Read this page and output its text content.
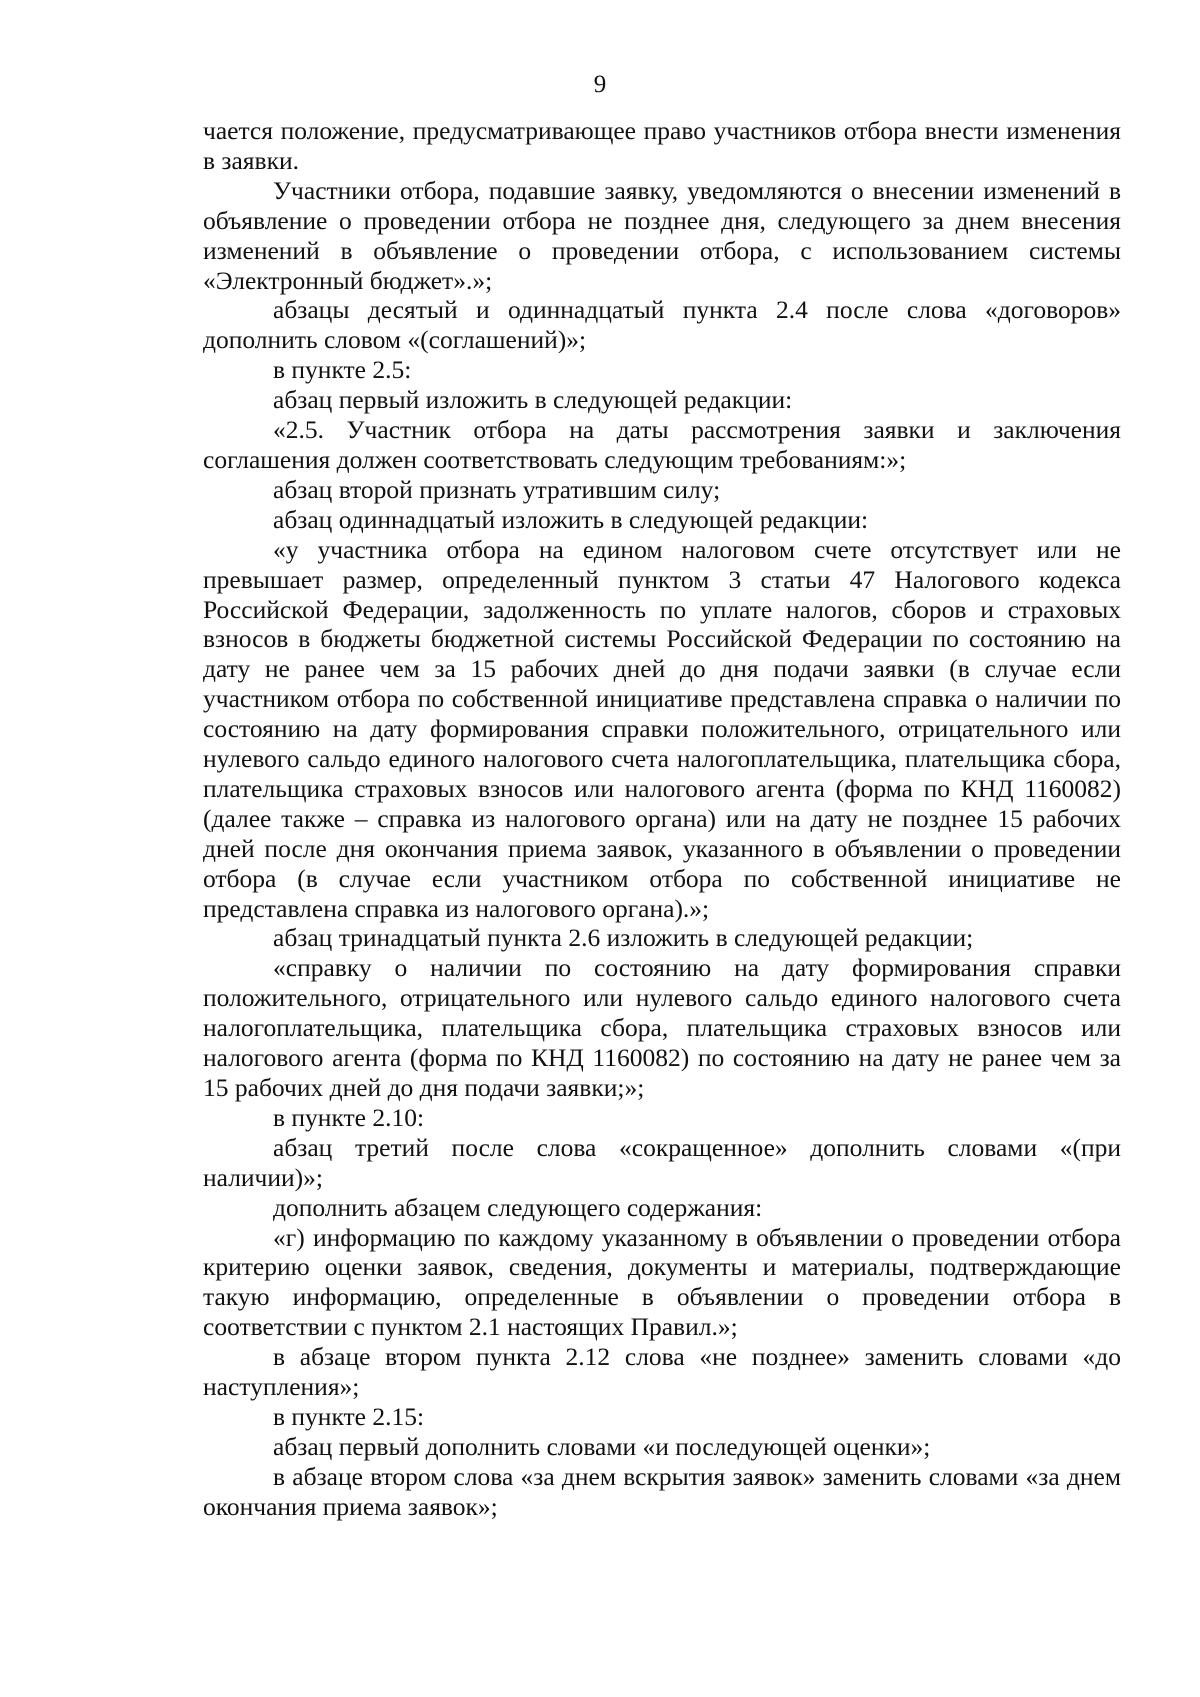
9

чается положение, предусматривающее право участников отбора внести изменения в заявки.

Участники отбора, подавшие заявку, уведомляются о внесении изменений в объявление о проведении отбора не позднее дня, следующего за днем внесения изменений в объявление о проведении отбора, с использованием системы «Электронный бюджет».»;

абзацы десятый и одиннадцатый пункта 2.4 после слова «договоров» дополнить словом «(соглашений)»;

в пункте 2.5:

абзац первый изложить в следующей редакции:

«2.5. Участник отбора на даты рассмотрения заявки и заключения соглашения должен соответствовать следующим требованиям:»;

абзац второй признать утратившим силу;

абзац одиннадцатый изложить в следующей редакции:

«у участника отбора на едином налоговом счете отсутствует или не превышает размер, определенный пунктом 3 статьи 47 Налогового кодекса Российской Федерации, задолженность по уплате налогов, сборов и страховых взносов в бюджеты бюджетной системы Российской Федерации по состоянию на дату не ранее чем за 15 рабочих дней до дня подачи заявки (в случае если участником отбора по собственной инициативе представлена справка о наличии по состоянию на дату формирования справки положительного, отрицательного или нулевого сальдо единого налогового счета налогоплательщика, плательщика сбора, плательщика страховых взносов или налогового агента (форма по КНД 1160082) (далее также – справка из налогового органа) или на дату не позднее 15 рабочих дней после дня окончания приема заявок, указанного в объявлении о проведении отбора (в случае если участником отбора по собственной инициативе не представлена справка из налогового органа).»;

абзац тринадцатый пункта 2.6 изложить в следующей редакции;

«справку о наличии по состоянию на дату формирования справки положительного, отрицательного или нулевого сальдо единого налогового счета налогоплательщика, плательщика сбора, плательщика страховых взносов или налогового агента (форма по КНД 1160082) по состоянию на дату не ранее чем за 15 рабочих дней до дня подачи заявки;»;

в пункте 2.10:

абзац третий после слова «сокращенное» дополнить словами «(при наличии)»;

дополнить абзацем следующего содержания:

«г) информацию по каждому указанному в объявлении о проведении отбора критерию оценки заявок, сведения, документы и материалы, подтверждающие такую информацию, определенные в объявлении о проведении отбора в соответствии с пунктом 2.1 настоящих Правил.»;

в абзаце втором пункта 2.12 слова «не позднее» заменить словами «до наступления»;

в пункте 2.15:

абзац первый дополнить словами «и последующей оценки»;

в абзаце втором слова «за днем вскрытия заявок» заменить словами «за днем окончания приема заявок»;
